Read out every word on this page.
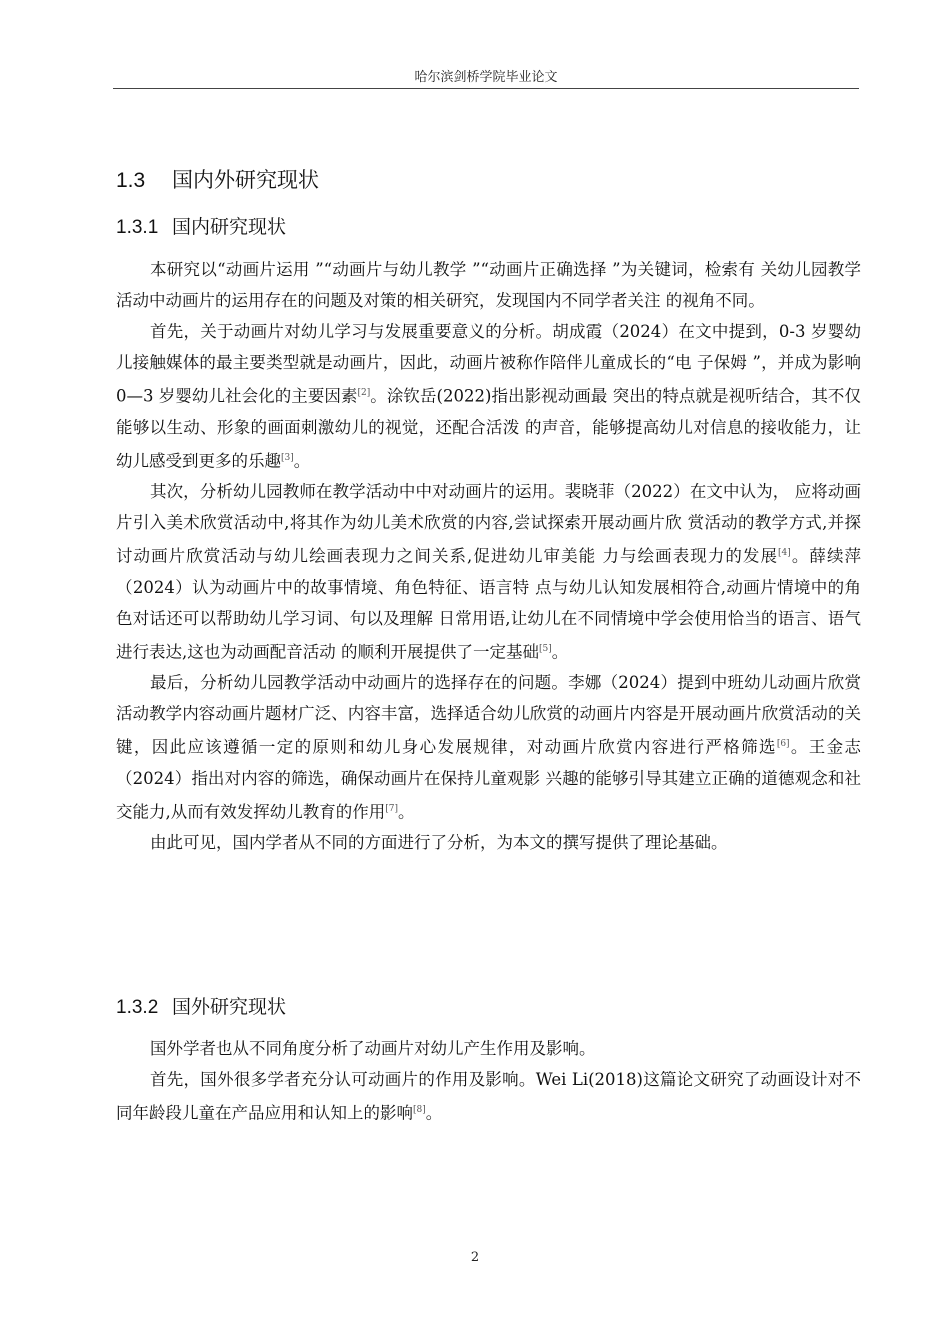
哈尔滨剑桥学院毕业论文
1.3 国内外研究现状
1.3.1 国内研究现状

本研究以“动画片运用 ”“动画片与幼儿教学 ”“动画片正确选择 ”为关键词，检索有 关幼儿园教学活动中动画片的运用存在的问题及对策的相关研究，发现国内不同学者关注 的视角不同。

首先，关于动画片对幼儿学习与发展重要意义的分析。胡成霞（2024）在文中提到，0-3 岁婴幼儿接触媒体的最主要类型就是动画片，因此，动画片被称作陪伴儿童成长的“电 子保姆 ”，并成为影响 0—3 岁婴幼儿社会化的主要因素[2]。涂钦岳(2022)指出影视动画最 突出的特点就是视听结合，其不仅能够以生动、形象的画面刺激幼儿的视觉，还配合活泼 的声音，能够提高幼儿对信息的接收能力，让幼儿感受到更多的乐趣[3]。

其次，分析幼儿园教师在教学活动中中对动画片的运用。裴晓菲（2022）在文中认为， 应将动画片引入美术欣赏活动中,将其作为幼儿美术欣赏的内容,尝试探索开展动画片欣 赏活动的教学方式,并探讨动画片欣赏活动与幼儿绘画表现力之间关系,促进幼儿审美能 力与绘画表现力的发展[4]。薛续萍（2024）认为动画片中的故事情境、角色特征、语言特 点与幼儿认知发展相符合,动画片情境中的角色对话还可以帮助幼儿学习词、句以及理解 日常用语,让幼儿在不同情境中学会使用恰当的语言、语气进行表达,这也为动画配音活动 的顺利开展提供了一定基础[5]。

最后，分析幼儿园教学活动中动画片的选择存在的问题。李娜（2024）提到中班幼儿动画片欣赏活动教学内容动画片题材广泛、内容丰富，选择适合幼儿欣赏的动画片内容是开展动画片欣赏活动的关键，因此应该遵循一定的原则和幼儿身心发展规律，对动画片欣赏内容进行严格筛选[6]。王金志（2024）指出对内容的筛选，确保动画片在保持儿童观影 兴趣的能够引导其建立正确的道德观念和社交能力,从而有效发挥幼儿教育的作用[7]。

由此可见，国内学者从不同的方面进行了分析，为本文的撰写提供了理论基础。

1.3.2 国外研究现状

国外学者也从不同角度分析了动画片对幼儿产生作用及影响。

首先，国外很多学者充分认可动画片的作用及影响。Wei Li(2018)这篇论文研究了动画设计对不同年龄段儿童在产品应用和认知上的影响[8]。

2
